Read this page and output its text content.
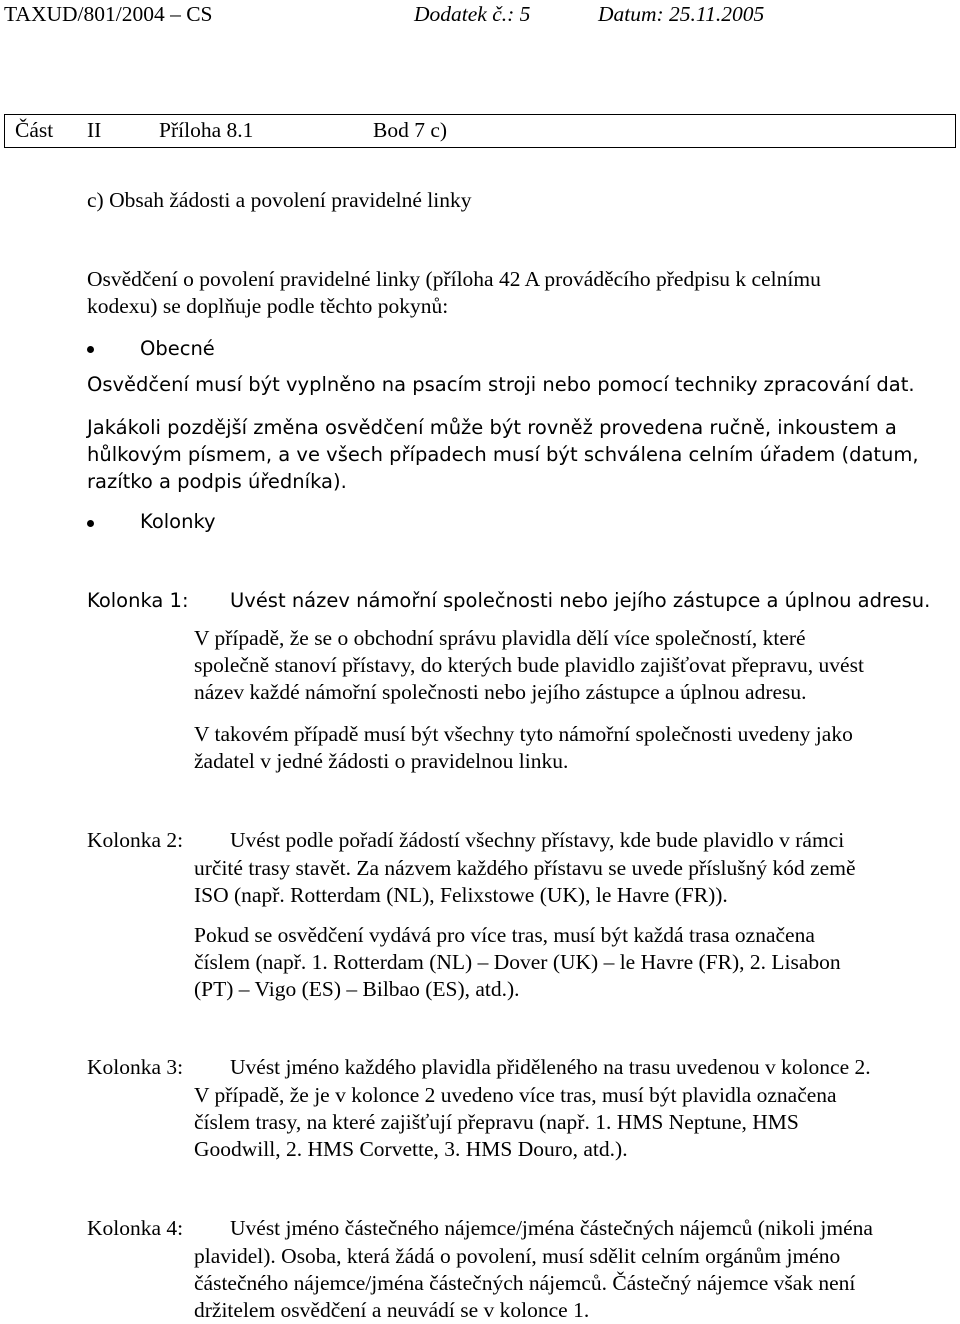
TAXUD/801/2004 – CS	Dodatek č.: 5	Datum: 25.11.2005
Část II	Příloha 8.1	Bod 7 c)
c) Obsah žádosti a povolení pravidelné linky

Osvědčení o povolení pravidelné linky (příloha 42 A prováděcího předpisu k celnímu

kodexu) se doplňuje podle těchto pokynů:

Obecné
Osvědčení musí být vyplněno na psacím stroji nebo pomocí techniky zpracování dat.

Jakákoli pozdější změna osvědčení může být rovněž provedena ručně, inkoustem a

hůlkovým písmem, a ve všech případech musí být schválena celním úřadem (datum,

razítko a podpis úředníka).

Kolonky
Kolonka 1: Uvést název námořní společnosti nebo jejího zástupce a úplnou adresu.

V případě, že se o obchodní správu plavidla dělí více společností, které

společně stanoví přístavy, do kterých bude plavidlo zajišťovat přepravu, uvést

název každé námořní společnosti nebo jejího zástupce a úplnou adresu.

V takovém případě musí být všechny tyto námořní společnosti uvedeny jako

žadatel v jedné žádosti o pravidelnou linku.

Kolonka 2: Uvést podle pořadí žádostí všechny přístavy, kde bude plavidlo v rámci

určité trasy stavět. Za názvem každého přístavu se uvede příslušný kód země

ISO (např. Rotterdam (NL), Felixstowe (UK), le Havre (FR)).

Pokud se osvědčení vydává pro více tras, musí být každá trasa označena

číslem (např. 1. Rotterdam (NL) – Dover (UK) – le Havre (FR), 2. Lisabon

(PT) – Vigo (ES) – Bilbao (ES), atd.).

Kolonka 3: Uvést jméno každého plavidla přiděleného na trasu uvedenou v kolonce 2.

V případě, že je v kolonce 2 uvedeno více tras, musí být plavidla označena

číslem trasy, na které zajišťují přepravu (např. 1. HMS Neptune, HMS

Goodwill, 2. HMS Corvette, 3. HMS Douro, atd.).

Kolonka 4: Uvést jméno částečného nájemce/jména částečných nájemců (nikoli jména

plavidel). Osoba, která žádá o povolení, musí sdělit celním orgánům jméno

částečného nájemce/jména částečných nájemců. Částečný nájemce však není

držitelem osvědčení a neuvádí se v kolonce 1.
